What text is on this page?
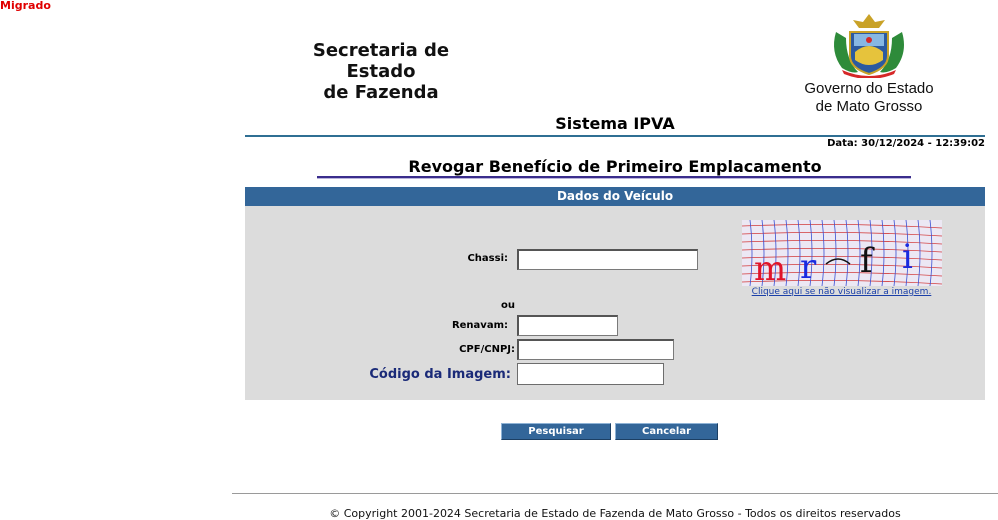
Migrado
Secretaria de Estado
de Fazenda	Governo do Estado
de Mato Grosso
Sistema IPVA
Data: 30/12/2024 - 12:39:02
Revogar Benefício de Primeiro Emplacamento
Dados do Veículo
Chassi:
ou
Renavam:
CPF/CNPJ:
Código da Imagem:
m r f i
Clique aqui se não visualizar a imagem.
Pesquisar	Cancelar
© Copyright 2001-2024 Secretaria de Estado de Fazenda de Mato Grosso - Todos os direitos reservados
